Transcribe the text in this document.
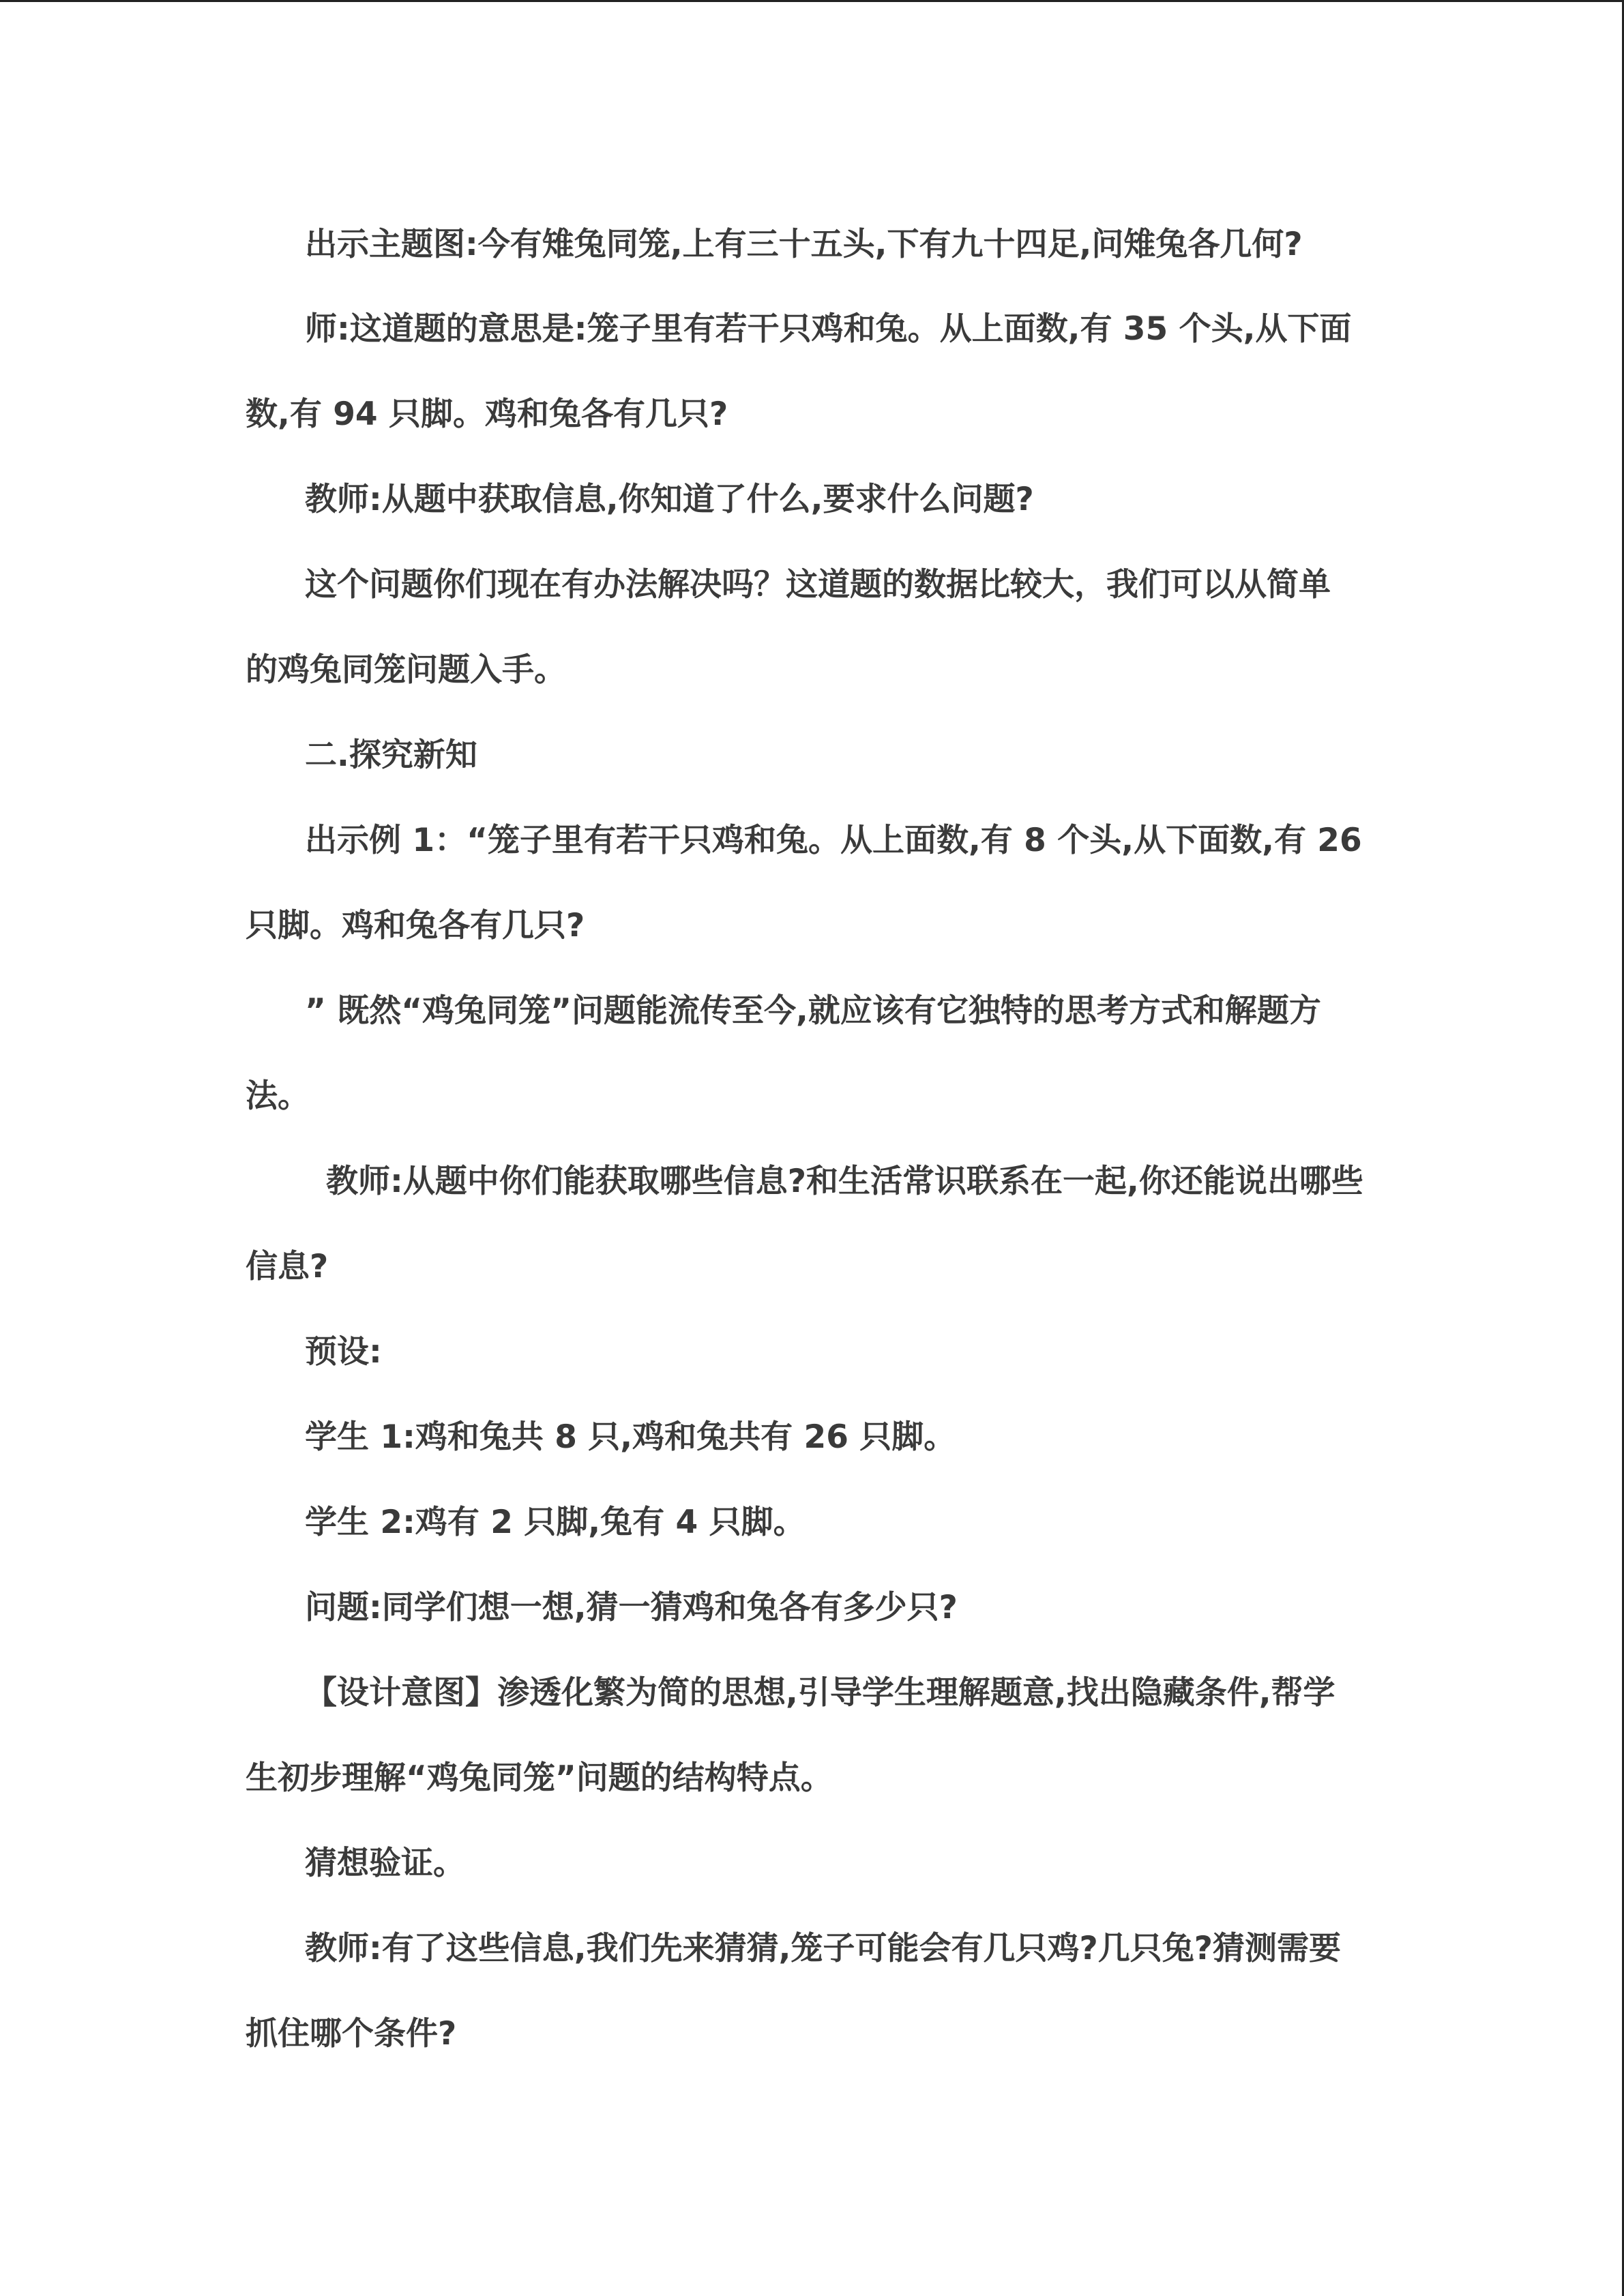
出示主题图:今有雉兔同笼,上有三十五头,下有九十四足,问雉兔各几何?

师:这道题的意思是:笼子里有若干只鸡和兔。从上面数,有 35 个头,从下面

数,有 94 只脚。鸡和兔各有几只?

教师:从题中获取信息,你知道了什么,要求什么问题?

这个问题你们现在有办法解决吗？这道题的数据比较大，我们可以从简单

的鸡兔同笼问题入手。

二.探究新知

出示例 1：“笼子里有若干只鸡和兔。从上面数,有 8 个头,从下面数,有 26

只脚。鸡和兔各有几只?

” 既然“鸡兔同笼”问题能流传至今,就应该有它独特的思考方式和解题方

法。

教师:从题中你们能获取哪些信息?和生活常识联系在一起,你还能说出哪些

信息?

预设:

学生 1:鸡和兔共 8 只,鸡和兔共有 26 只脚。

学生 2:鸡有 2 只脚,兔有 4 只脚。

问题:同学们想一想,猜一猜鸡和兔各有多少只?

【设计意图】渗透化繁为简的思想,引导学生理解题意,找出隐藏条件,帮学

生初步理解“鸡兔同笼”问题的结构特点。

猜想验证。

教师:有了这些信息,我们先来猜猜,笼子可能会有几只鸡?几只兔?猜测需要

抓住哪个条件?
